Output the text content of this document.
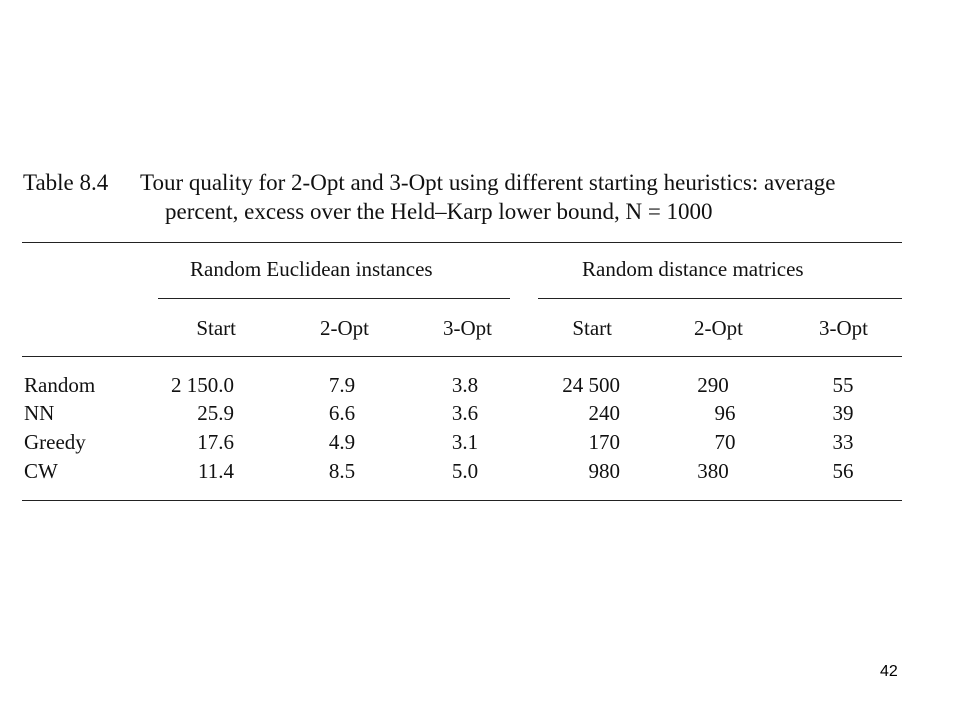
Table 8.4 Tour quality for 2-Opt and 3-Opt using different starting heuristics: average
percent, excess over the Held–Karp lower bound, N = 1000
Random Euclidean instances	Random distance matrices
Start	2-Opt	3-Opt	Start	2-Opt	3-Opt
Random	2 150.0	7.9	3.8	24 500	290	55
NN	25.9	6.6	3.6	240	96	39
Greedy	17.6	4.9	3.1	170	70	33
CW	11.4	8.5	5.0	980	380	56
42
